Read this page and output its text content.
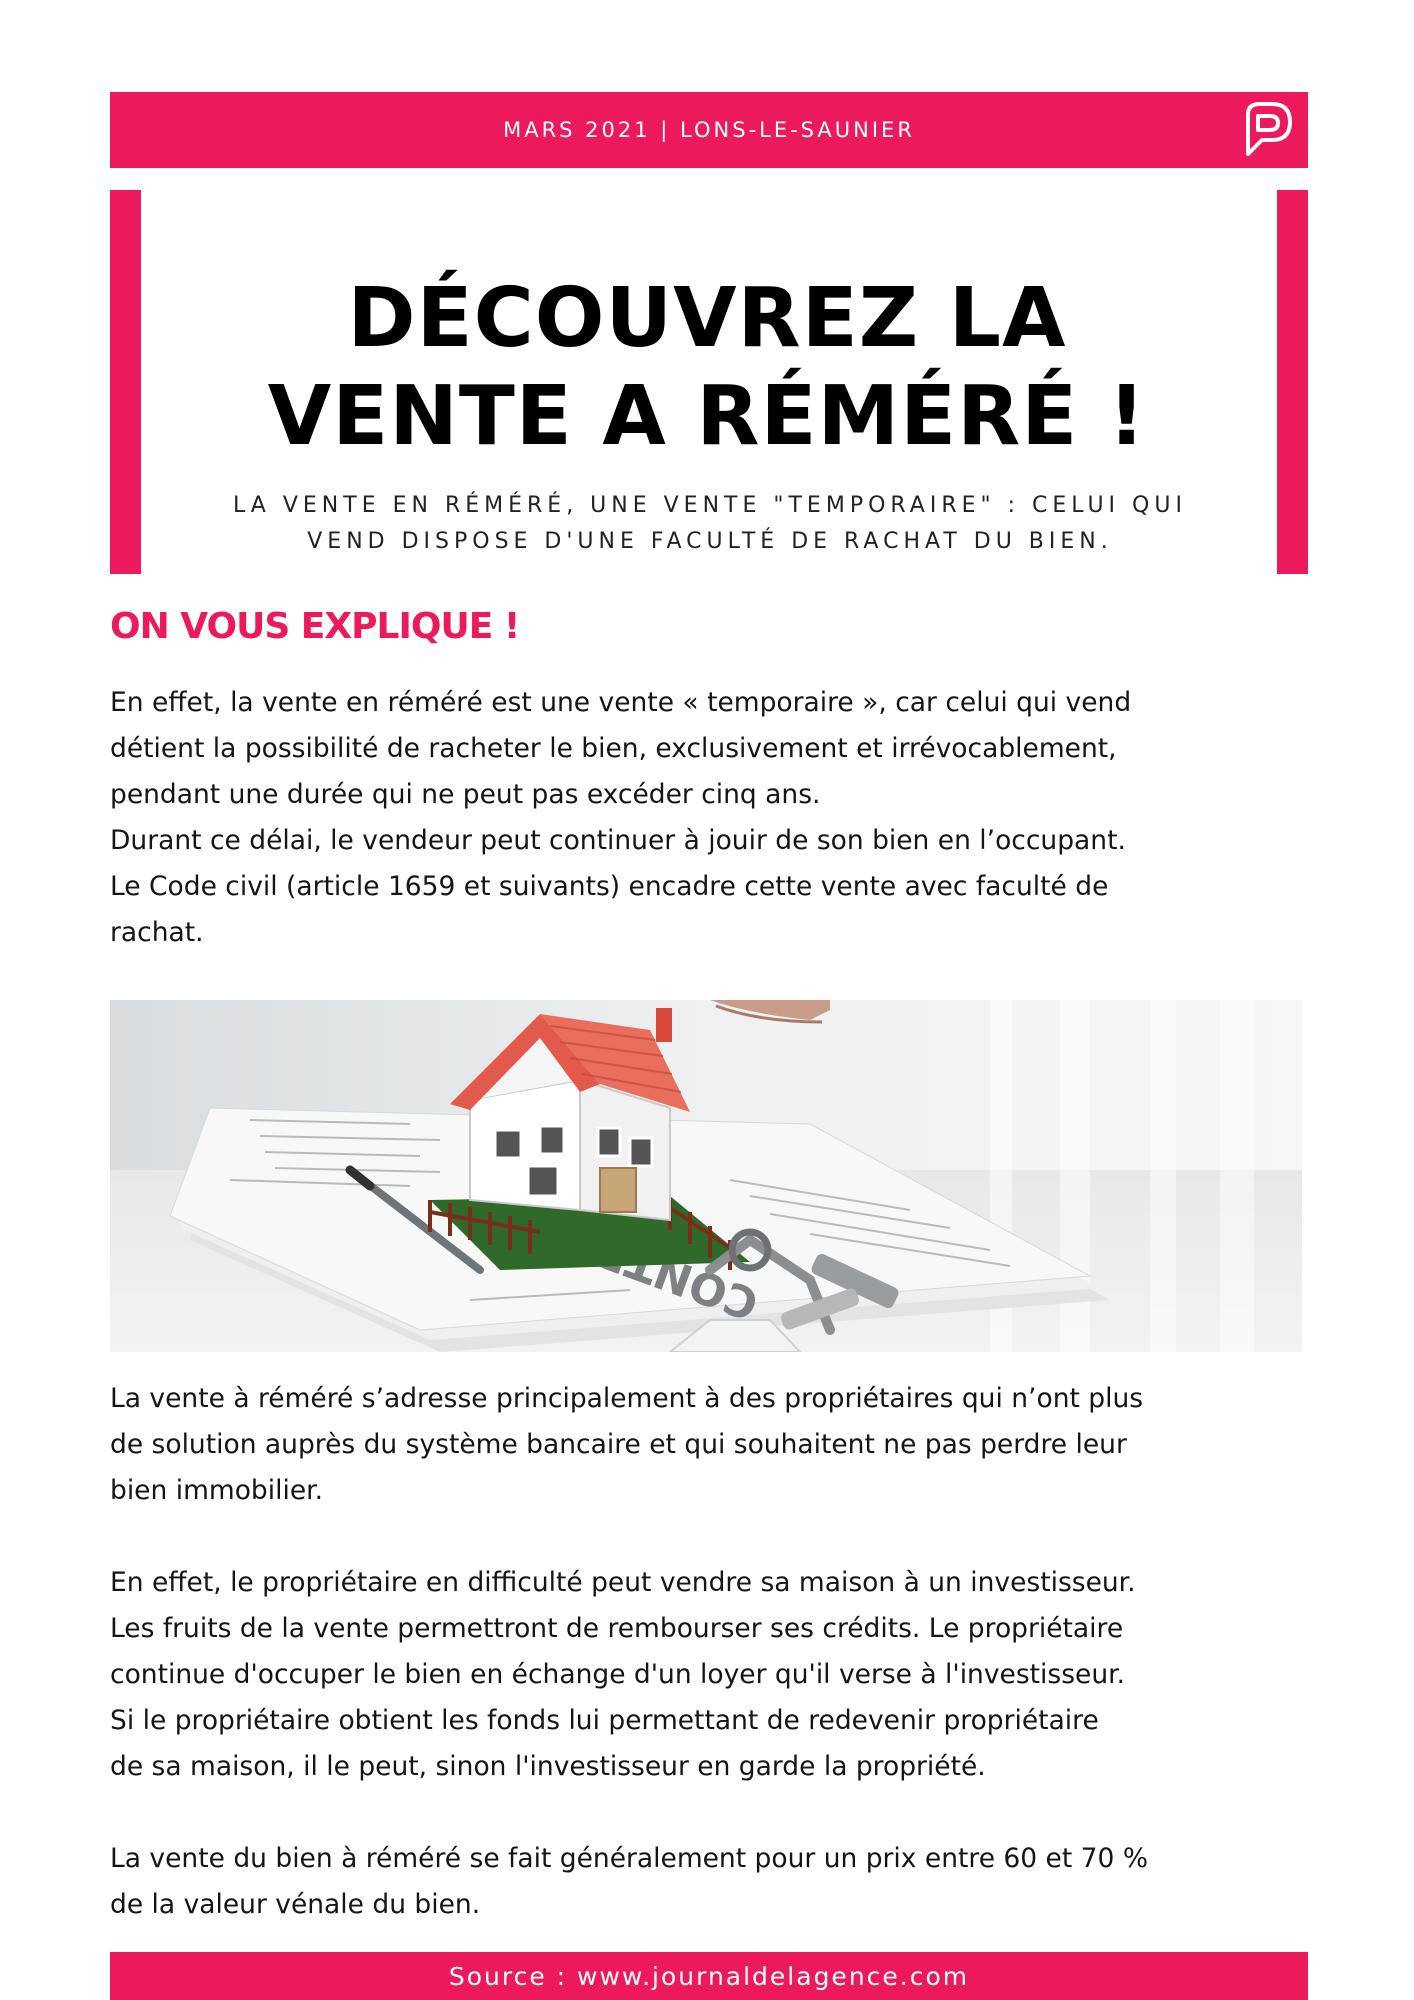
MARS 2021 | LONS-LE-SAUNIER
DÉCOUVREZ LA
VENTE A RÉMÉRÉ !

LA VENTE EN RÉMÉRÉ, UNE VENTE "TEMPORAIRE" : CELUI QUI
VEND DISPOSE D'UNE FACULTÉ DE RACHAT DU BIEN.

ON VOUS EXPLIQUE !

En effet, la vente en réméré est une vente « temporaire », car celui qui vend
détient la possibilité de racheter le bien, exclusivement et irrévocablement,
pendant une durée qui ne peut pas excéder cinq ans.
Durant ce délai, le vendeur peut continuer à jouir de son bien en l’occupant.
Le Code civil (article 1659 et suivants) encadre cette vente avec faculté de
rachat.

La vente à réméré s’adresse principalement à des propriétaires qui n’ont plus
de solution auprès du système bancaire et qui souhaitent ne pas perdre leur
bien immobilier.

En effet, le propriétaire en difficulté peut vendre sa maison à un investisseur.
Les fruits de la vente permettront de rembourser ses crédits. Le propriétaire
continue d'occuper le bien en échange d'un loyer qu'il verse à l'investisseur.
Si le propriétaire obtient les fonds lui permettant de redevenir propriétaire
de sa maison, il le peut, sinon l'investisseur en garde la propriété.

La vente du bien à réméré se fait généralement pour un prix entre 60 et 70 %
de la valeur vénale du bien.

Source : www.journaldelagence.com
